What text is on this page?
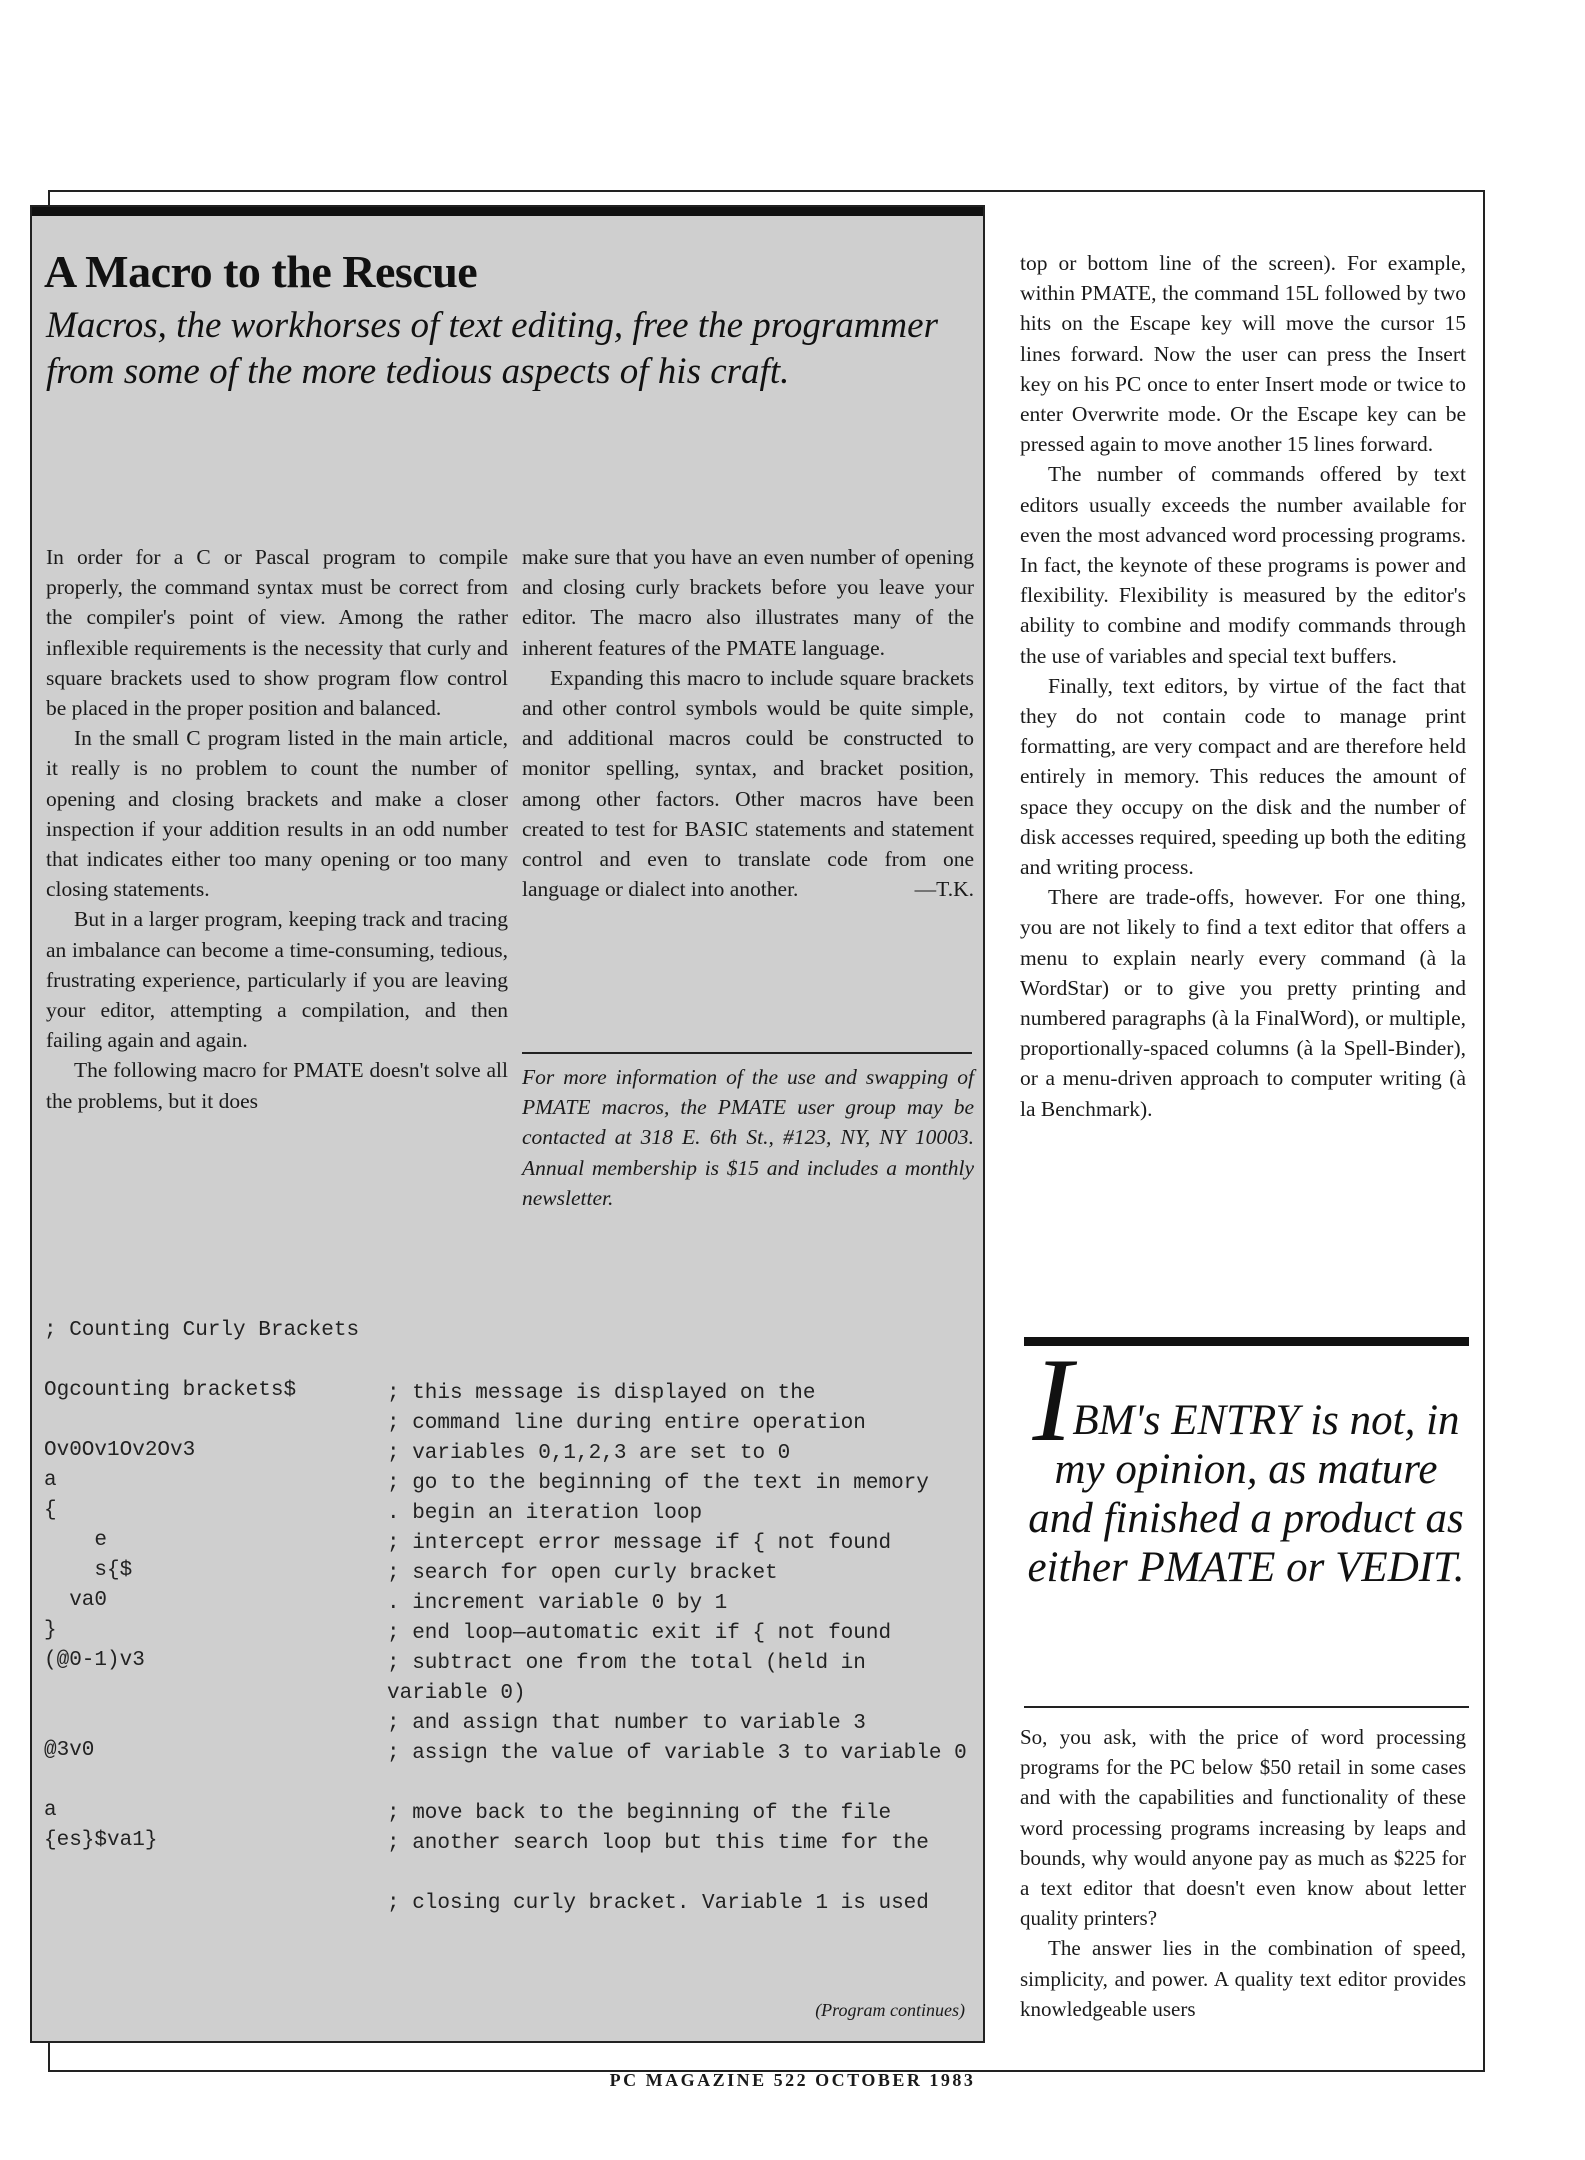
A Macro to the Rescue

Macros, the workhorses of text editing, free the programmer from some of the more tedious aspects of his craft.

In order for a C or Pascal program to compile properly, the command syntax must be correct from the compiler's point of view. Among the rather inflexible requirements is the necessity that curly and square brackets used to show program flow control be placed in the proper position and balanced.

In the small C program listed in the main article, it really is no problem to count the number of opening and closing brackets and make a closer inspection if your addition results in an odd number that indicates either too many opening or too many closing statements.

But in a larger program, keeping track and tracing an imbalance can become a time-consuming, tedious, frustrating experience, particularly if you are leaving your editor, attempting a compilation, and then failing again and again.

The following macro for PMATE doesn't solve all the problems, but it does

make sure that you have an even number of opening and closing curly brackets before you leave your editor. The macro also illustrates many of the inherent features of the PMATE language.

Expanding this macro to include square brackets and other control symbols would be quite simple, and additional macros could be constructed to monitor spelling, syntax, and bracket position, among other factors. Other macros have been created to test for BASIC statements and statement control and even to translate code from one language or dialect into another.	—T.K.

For more information of the use and swapping of PMATE macros, the PMATE user group may be contacted at 318 E. 6th St., #123, NY, NY 10003. Annual membership is $15 and includes a monthly newsletter.

; Counting Curly Brackets
Ogcounting brackets$	; this message is displayed on the
; command line during entire operation
Ov0Ov1Ov2Ov3	; variables 0,1,2,3 are set to 0
a	; go to the beginning of the text in memory
{	. begin an iteration loop
e	; intercept error message if { not found
s{$	; search for open curly bracket
va0	. increment variable 0 by 1
}	; end loop—automatic exit if { not found
(@0-1)v3	; subtract one from the total (held in variable 0)
; and assign that number to variable 3
@3v0	; assign the value of variable 3 to variable 0
a	; move back to the beginning of the file
{es}$va1}	; another search loop but this time for the
; closing curly bracket. Variable 1 is used
(Program continues)

top or bottom line of the screen). For example, within PMATE, the command 15L followed by two hits on the Escape key will move the cursor 15 lines forward. Now the user can press the Insert key on his PC once to enter Insert mode or twice to enter Overwrite mode. Or the Escape key can be pressed again to move another 15 lines forward.

The number of commands offered by text editors usually exceeds the number available for even the most advanced word processing programs. In fact, the keynote of these programs is power and flexibility. Flexibility is measured by the editor's ability to combine and modify commands through the use of variables and special text buffers.

Finally, text editors, by virtue of the fact that they do not contain code to manage print formatting, are very compact and are therefore held entirely in memory. This reduces the amount of space they occupy on the disk and the number of disk accesses required, speeding up both the editing and writing process.

There are trade-offs, however. For one thing, you are not likely to find a text editor that offers a menu to explain nearly every command (à la WordStar) or to give you pretty printing and numbered paragraphs (à la FinalWord), or multiple, proportionally-spaced columns (à la Spell-Binder), or a menu-driven approach to computer writing (à la Benchmark).

IBM's ENTRY is not, in my opinion, as mature and finished a product as either PMATE or VEDIT.

So, you ask, with the price of word processing programs for the PC below $50 retail in some cases and with the capabilities and functionality of these word processing programs increasing by leaps and bounds, why would anyone pay as much as $225 for a text editor that doesn't even know about letter quality printers?

The answer lies in the combination of speed, simplicity, and power. A quality text editor provides knowledgeable users

PC MAGAZINE 522 OCTOBER 1983
